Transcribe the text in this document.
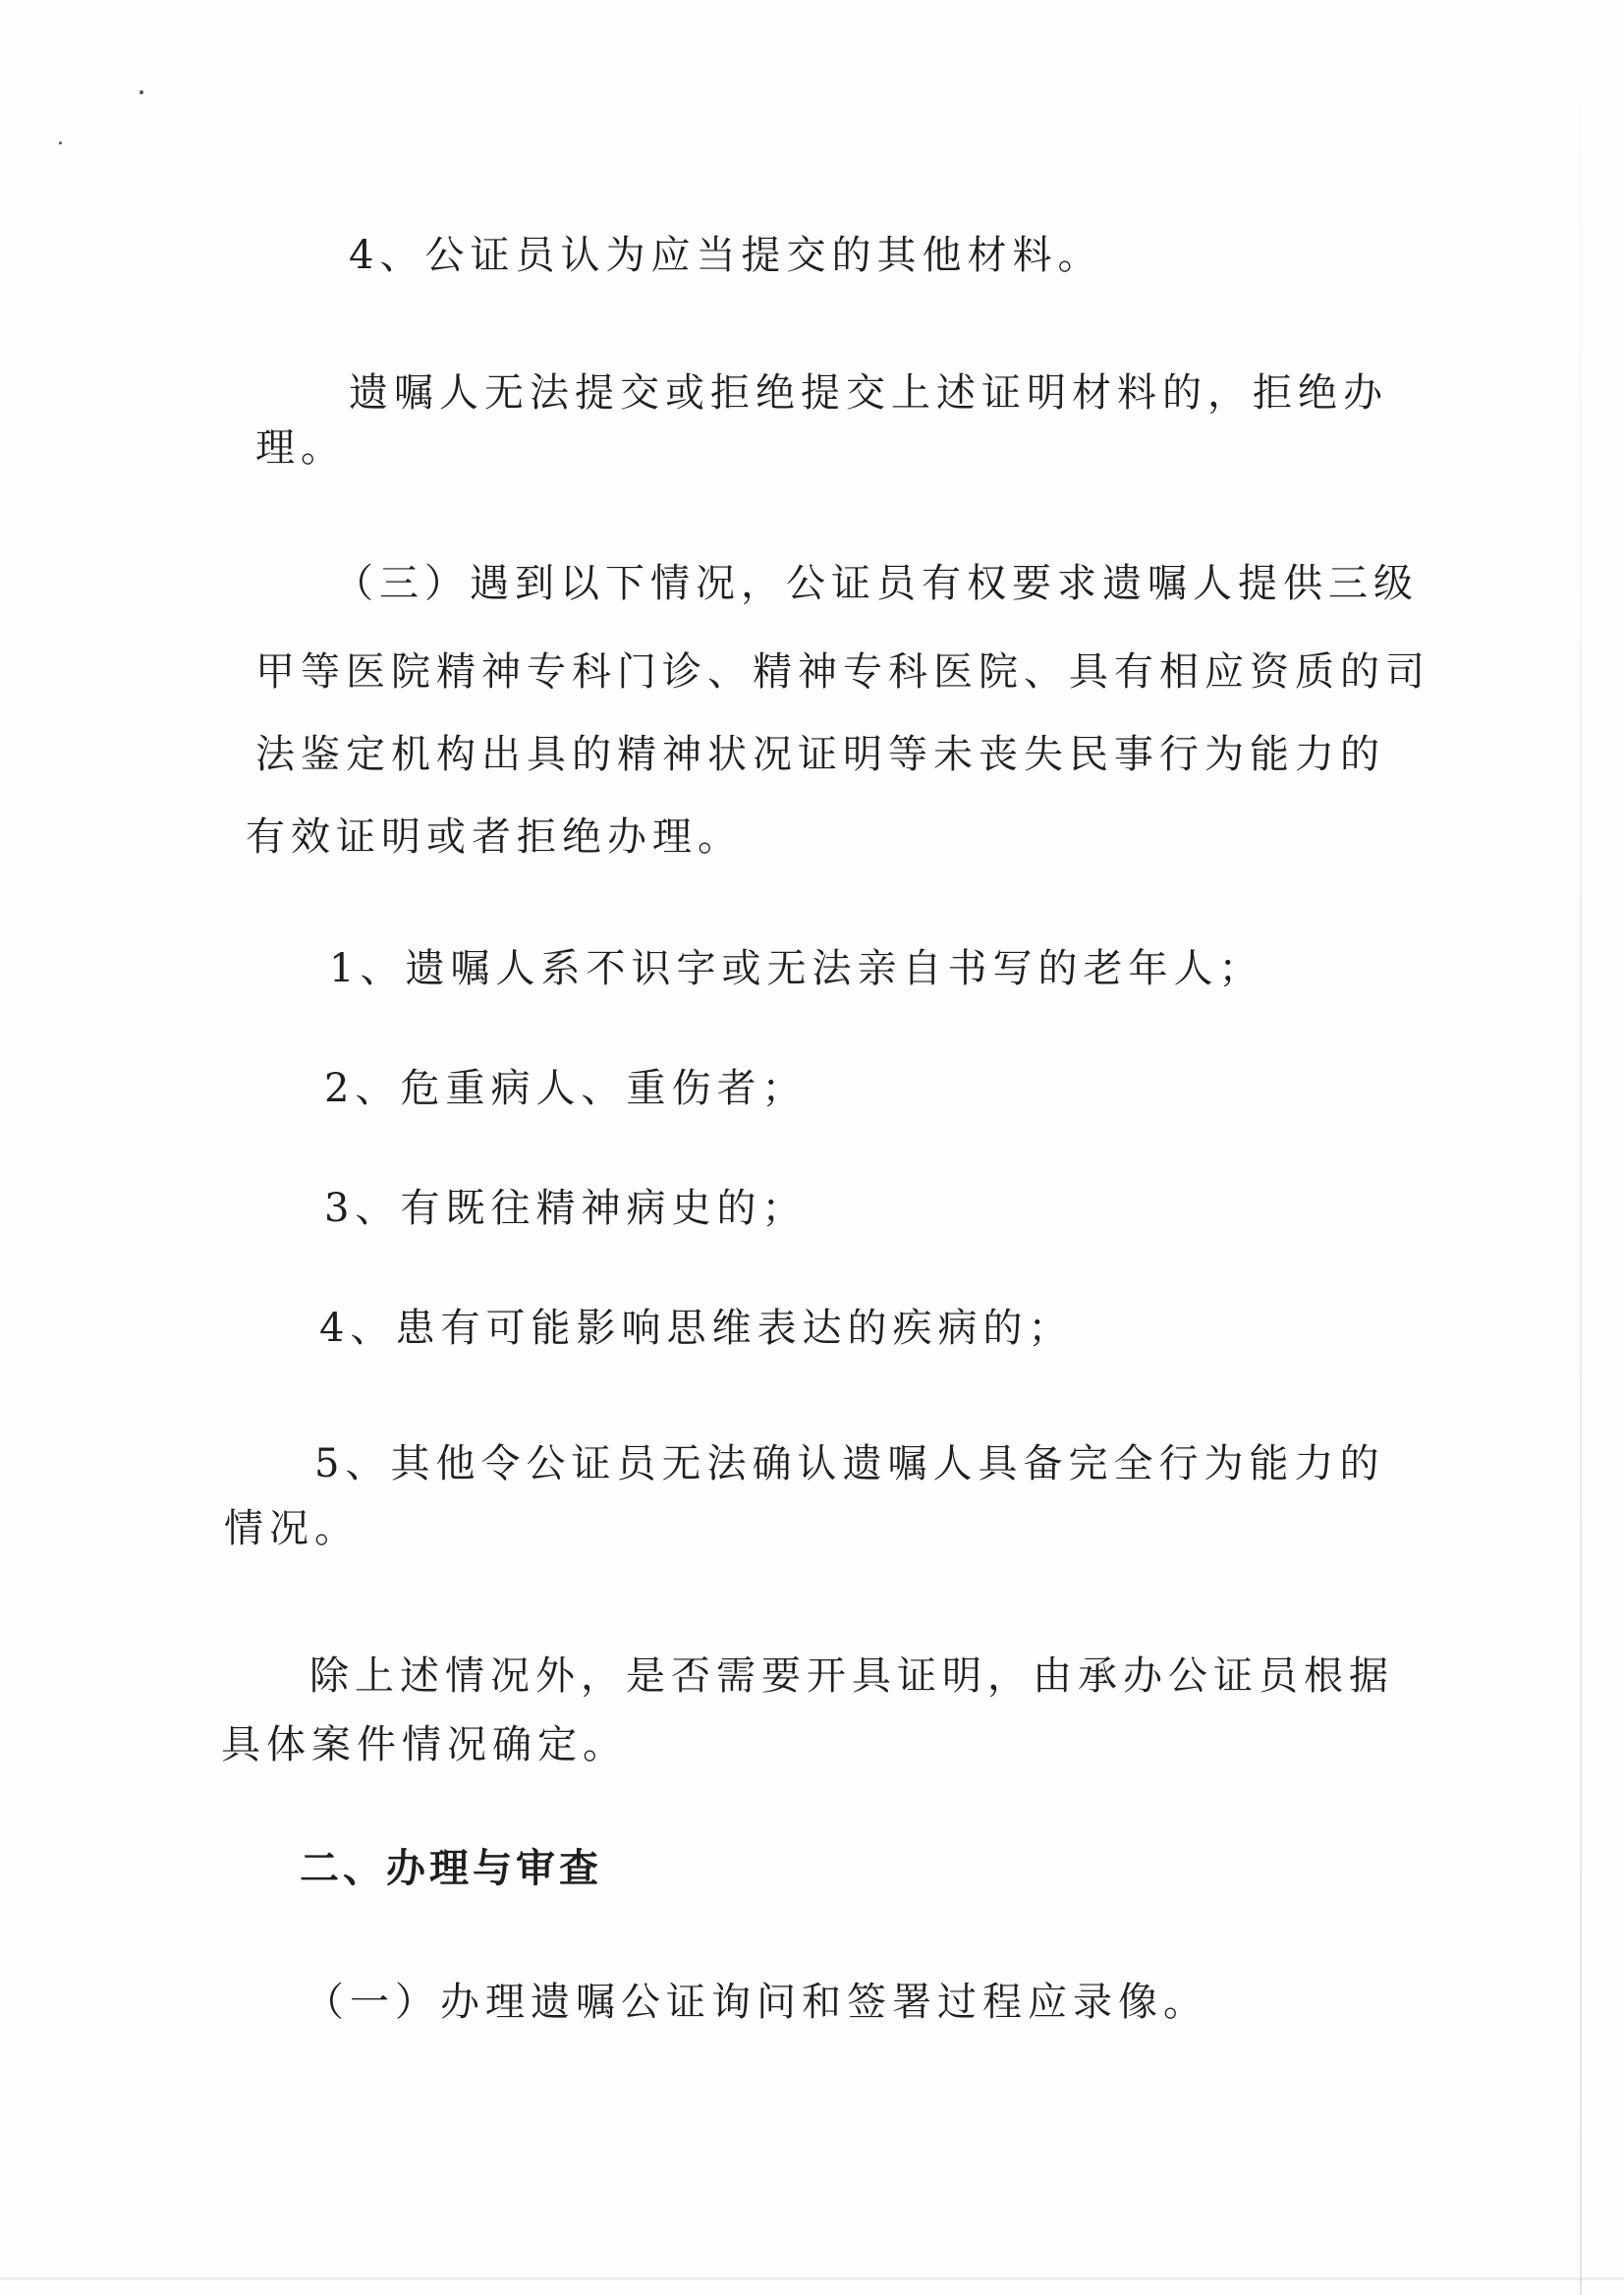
4、公证员认为应当提交的其他材料。

遗嘱人无法提交或拒绝提交上述证明材料的，拒绝办

理。

（三）遇到以下情况，公证员有权要求遗嘱人提供三级

甲等医院精神专科门诊、精神专科医院、具有相应资质的司

法鉴定机构出具的精神状况证明等未丧失民事行为能力的

有效证明或者拒绝办理。

1、遗嘱人系不识字或无法亲自书写的老年人；

2、危重病人、重伤者；

3、有既往精神病史的；

4、患有可能影响思维表达的疾病的；

5、其他令公证员无法确认遗嘱人具备完全行为能力的

情况。

除上述情况外，是否需要开具证明，由承办公证员根据

具体案件情况确定。

二、办理与审查

（一）办理遗嘱公证询问和签署过程应录像。
